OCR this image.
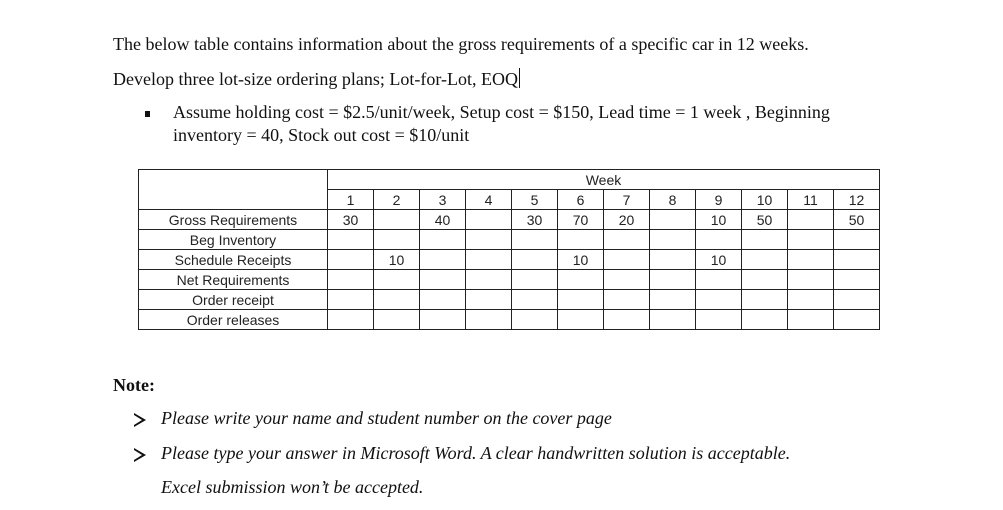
The below table contains information about the gross requirements of a specific car in 12 weeks.
Develop three lot-size ordering plans; Lot-for-Lot, EOQ
Assume holding cost = $2.5/unit/week, Setup cost = $150, Lead time = 1 week , Beginning
inventory = 40, Stock out cost = $10/unit
	Week											
	1	2	3	4	5	6	7	8	9	10	11	12
Gross Requirements	30		40		30	70	20		10	50		50
Beg Inventory												
Schedule Receipts		10				10			10			
Net Requirements												
Order receipt												
Order releases												
Note:
Please write your name and student number on the cover page
Please type your answer in Microsoft Word. A clear handwritten solution is acceptable.
Excel submission won’t be accepted.
